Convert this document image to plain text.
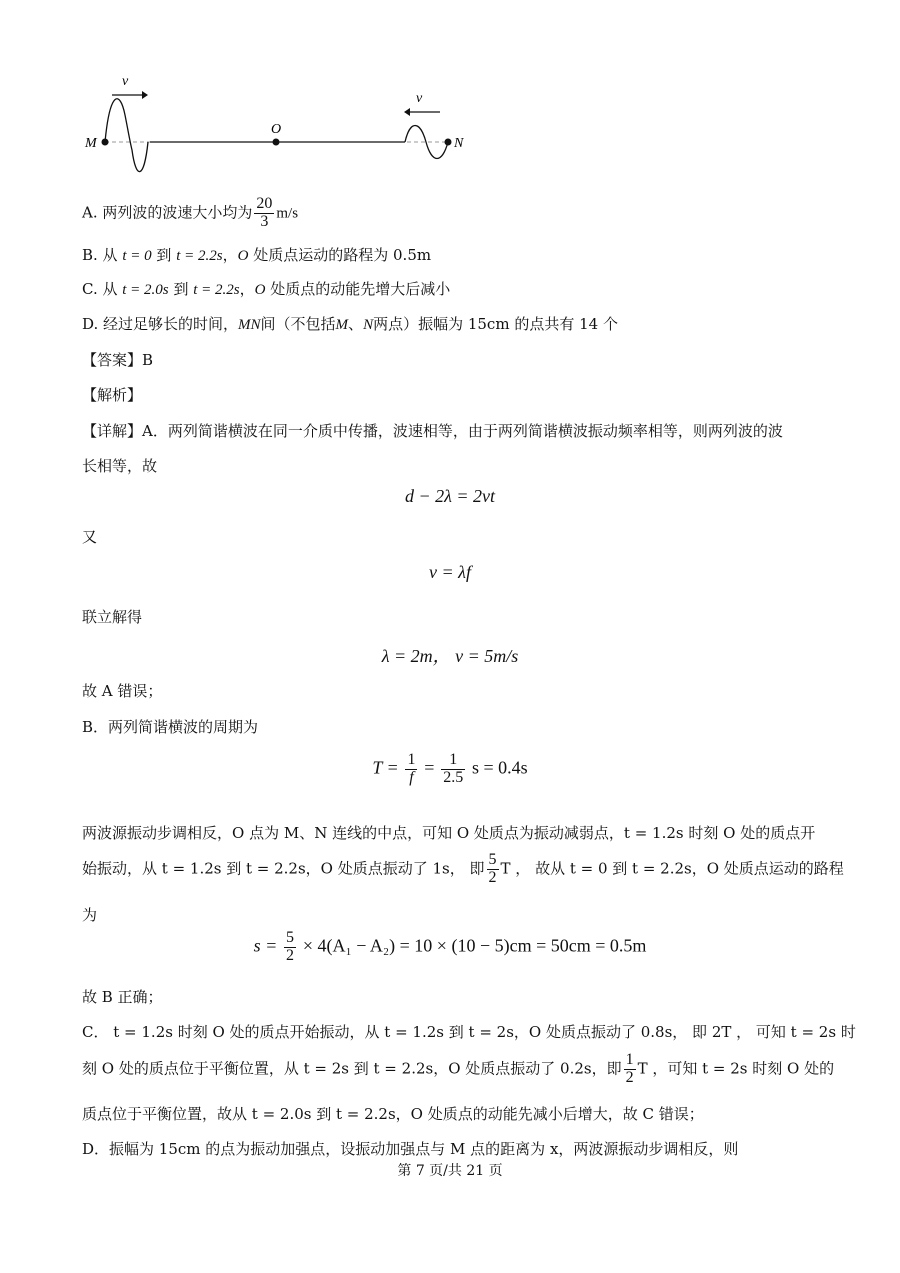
v
v
M
O
N
A. 两列波的波速大小均为 $\frac{20}{3} m/s$
B. 从 t = 0 到 t = 2.2s，O 处质点运动的路程为 0.5m
C. 从 t = 2.0s 到 t = 2.2s，O 处质点的动能先增大后减小
D. 经过足够长的时间，MN间（不包括M、N两点）振幅为 15cm 的点共有 14 个
【答案】B
【解析】
【详解】A．两列简谐横波在同一介质中传播，波速相等，由于两列简谐横波振动频率相等，则两列波的波
长相等，故
d − 2λ = 2vt
又
v = λf
联立解得
λ = 2m， v = 5m/s
故 A 错误；
B．两列简谐横波的周期为
$T = \frac{1}{f} = \frac{1}{2.5}$ s = 0.4s
两波源振动步调相反，O 点为 M、N 连线的中点，可知 O 处质点为振动减弱点，t = 1.2s 时刻 O 处的质点开
始振动，从 t = 1.2s 到 t = 2.2s，O 处质点振动了 1s， 即 $\frac{5}{2}$ T ， 故从 t = 0 到 t = 2.2s，O 处质点运动的路程
为
$s = \frac{5}{2} \times 4(A_1 - A_2) = 10 \times (10 - 5)cm = 50cm = 0.5m$
故 B 正确；
C． t = 1.2s 时刻 O 处的质点开始振动，从 t = 1.2s 到 t = 2s，O 处质点振动了 0.8s， 即 2T ， 可知 t = 2s 时
刻 O 处的质点位于平衡位置，从 t = 2s 到 t = 2.2s，O 处质点振动了 0.2s，即 $\frac{1}{2}$ T ，可知 t = 2s 时刻 O 处的
质点位于平衡位置，故从 t = 2.0s 到 t = 2.2s，O 处质点的动能先减小后增大，故 C 错误；
D．振幅为 15cm 的点为振动加强点，设振动加强点与 M 点的距离为 x，两波源振动步调相反，则
第 7 页/共 21 页
